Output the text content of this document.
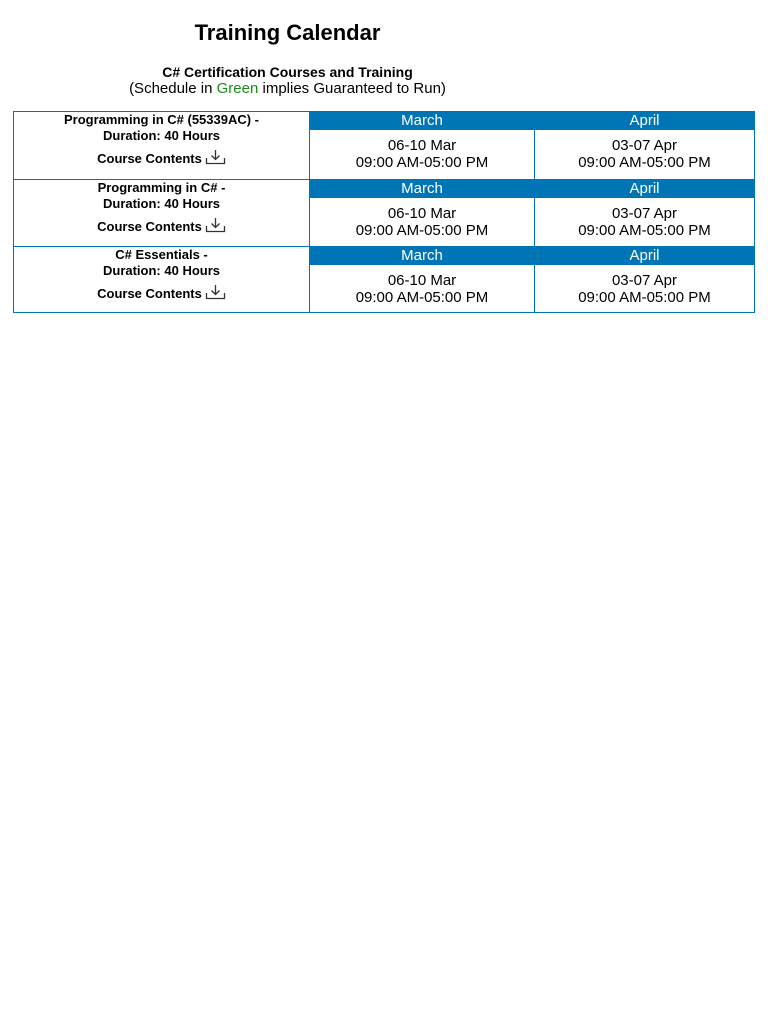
Training Calendar
C# Certification Courses and Training
(Schedule in Green implies Guaranteed to Run)
Programming in C# (55339AC) -
Duration: 40 Hours
Course Contents
March
06-10 Mar
09:00 AM-05:00 PM
April
03-07 Apr
09:00 AM-05:00 PM
Programming in C# -
Duration: 40 Hours
Course Contents
March
06-10 Mar
09:00 AM-05:00 PM
April
03-07 Apr
09:00 AM-05:00 PM
C# Essentials -
Duration: 40 Hours
Course Contents
March
06-10 Mar
09:00 AM-05:00 PM
April
03-07 Apr
09:00 AM-05:00 PM
